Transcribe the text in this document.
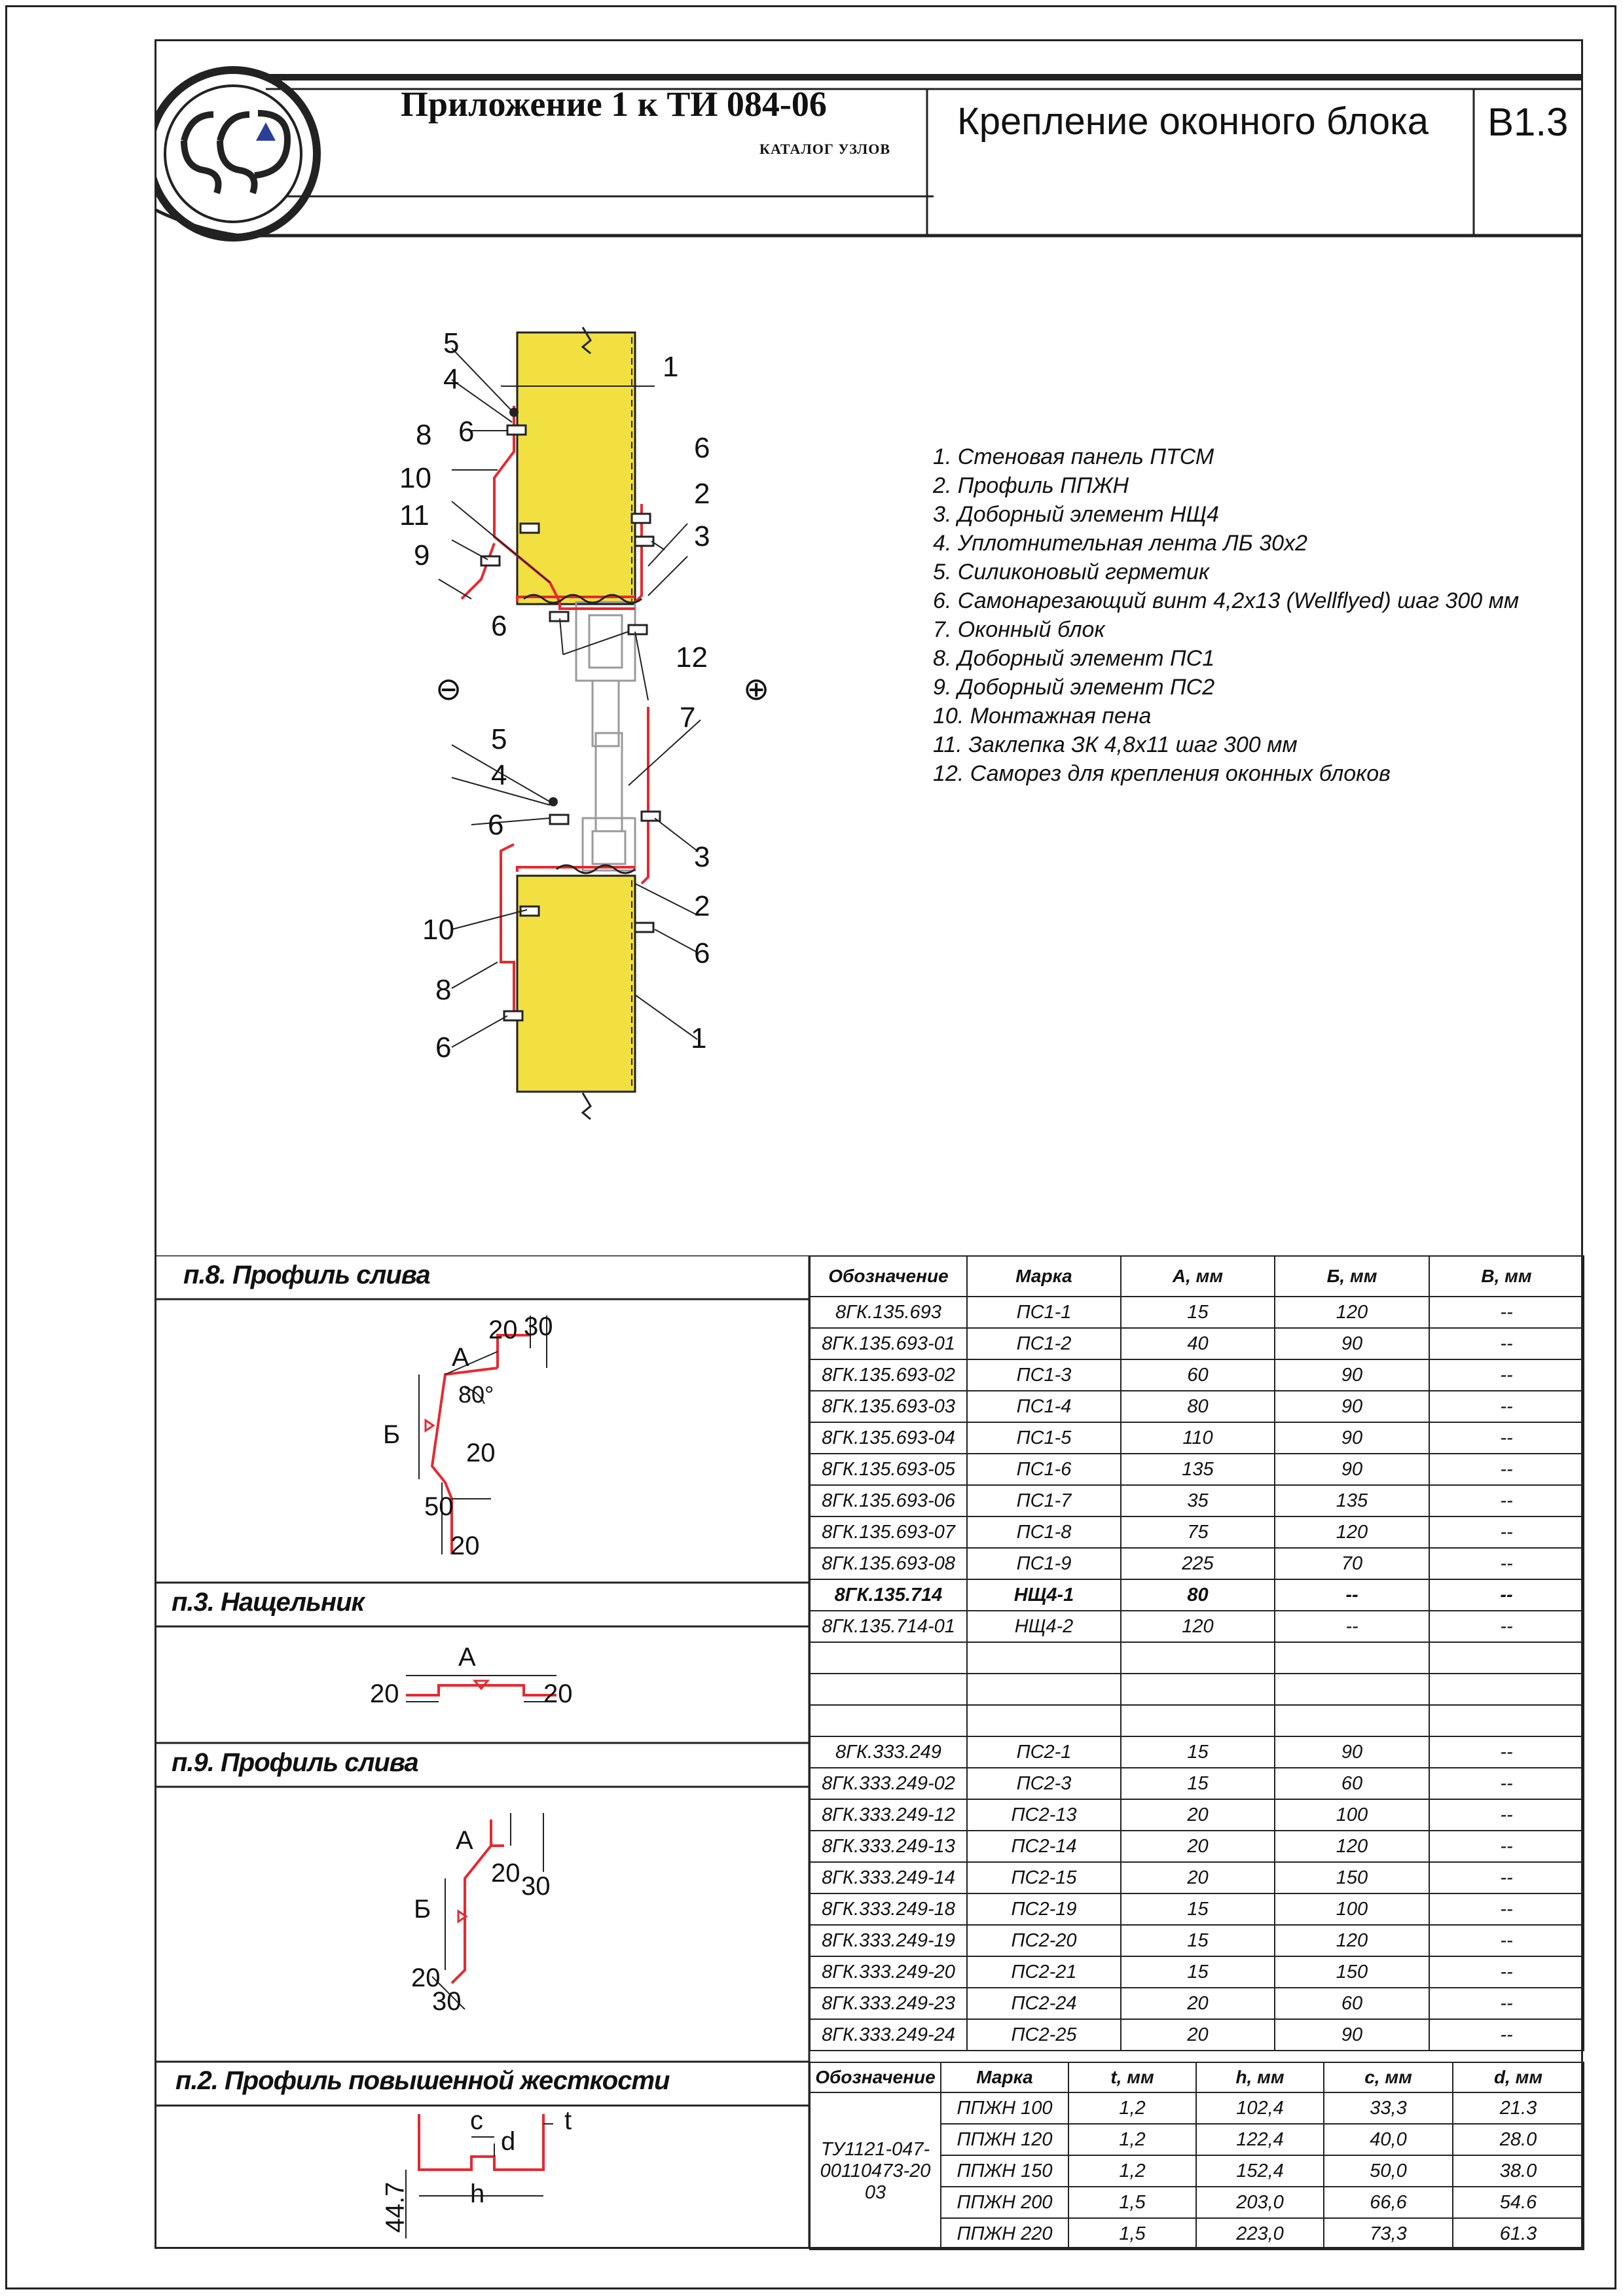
Приложение 1 к ТИ 084-06
КАТАЛОГ УЗЛОВ
Крепление оконного блока В1.3
1. Стеновая панель ПТСМ
2. Профиль ППЖН
3. Доборный элемент НЩ4
4. Уплотнительная лента ЛБ 30х2
5. Силиконовый герметик
6. Самонарезающий винт 4,2х13 (Wellflyed) шаг 300 мм
7. Оконный блок
8. Доборный элемент ПС1
9. Доборный элемент ПС2
10. Монтажная пена
11. Заклепка ЗК 4,8х11 шаг 300 мм
12. Саморез для крепления оконных блоков
5
4
6
8
10
11
9
6
1
6
2
3
12
⊖	⊕
5
4
6
10
8
6
7
3
2
6
1
п.8. Профиль слива
п.3. Нащельник
п.9. Профиль слива
п.2. Профиль повышенной жесткости
А
Б
20 30
80°
20
50
20
А
20	20
А
Б
20 30
20
30
c
d
t
h
44.7
Обозначение	Марка	А, мм	Б, мм	В, мм
8ГК.135.693	ПС1-1	15	120	--
8ГК.135.693-01	ПС1-2	40	90	--
8ГК.135.693-02	ПС1-3	60	90	--
8ГК.135.693-03	ПС1-4	80	90	--
8ГК.135.693-04	ПС1-5	110	90	--
8ГК.135.693-05	ПС1-6	135	90	--
8ГК.135.693-06	ПС1-7	35	135	--
8ГК.135.693-07	ПС1-8	75	120	--
8ГК.135.693-08	ПС1-9	225	70	--
8ГК.135.714	НЩ4-1	80	--	--
8ГК.135.714-01	НЩ4-2	120	--	--

8ГК.333.249	ПС2-1	15	90	--
8ГК.333.249-02	ПС2-3	15	60	--
8ГК.333.249-12	ПС2-13	20	100	--
8ГК.333.249-13	ПС2-14	20	120	--
8ГК.333.249-14	ПС2-15	20	150	--
8ГК.333.249-18	ПС2-19	15	100	--
8ГК.333.249-19	ПС2-20	15	120	--
8ГК.333.249-20	ПС2-21	15	150	--
8ГК.333.249-23	ПС2-24	20	60	--
8ГК.333.249-24	ПС2-25	20	90	--
Обозначение	Марка	t, мм	h, мм	c, мм	d, мм
ТУ1121-047-00110473-2003	ППЖН 100	1,2	102,4	33,3	21.3
	ППЖН 120	1,2	122,4	40,0	28.0
	ППЖН 150	1,2	152,4	50,0	38.0
	ППЖН 200	1,5	203,0	66,6	54.6
	ППЖН 220	1,5	223,0	73,3	61.3
